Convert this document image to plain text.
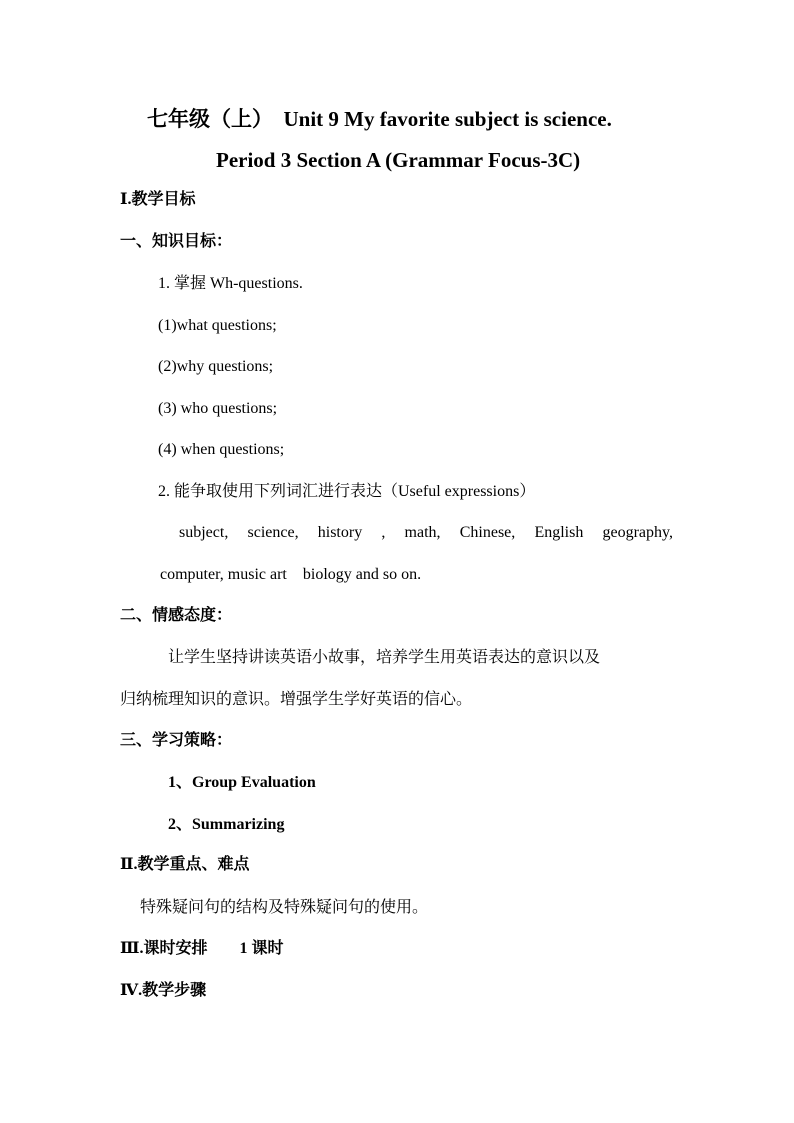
七年级（上）　Unit 9 My favorite subject is science.
Period 3 Section A (Grammar Focus-3C)
Ⅰ.教学目标
一、知识目标：
1. 掌握 Wh-questions.
(1)what questions;
(2)why questions;
(3) who questions;
(4) when questions;
2. 能争取使用下列词汇进行表达（Useful expressions）
subject, science, history , math, Chinese, English geography,
computer, music art　biology and so on.
二、情感态度：
让学生坚持讲读英语小故事，培养学生用英语表达的意识以及
归纳梳理知识的意识。增强学生学好英语的信心。
三、学习策略：
1、Group Evaluation
2、Summarizing
Ⅱ.教学重点、难点
特殊疑问句的结构及特殊疑问句的使用。
Ⅲ.课时安排　　1 课时
Ⅳ.教学步骤
